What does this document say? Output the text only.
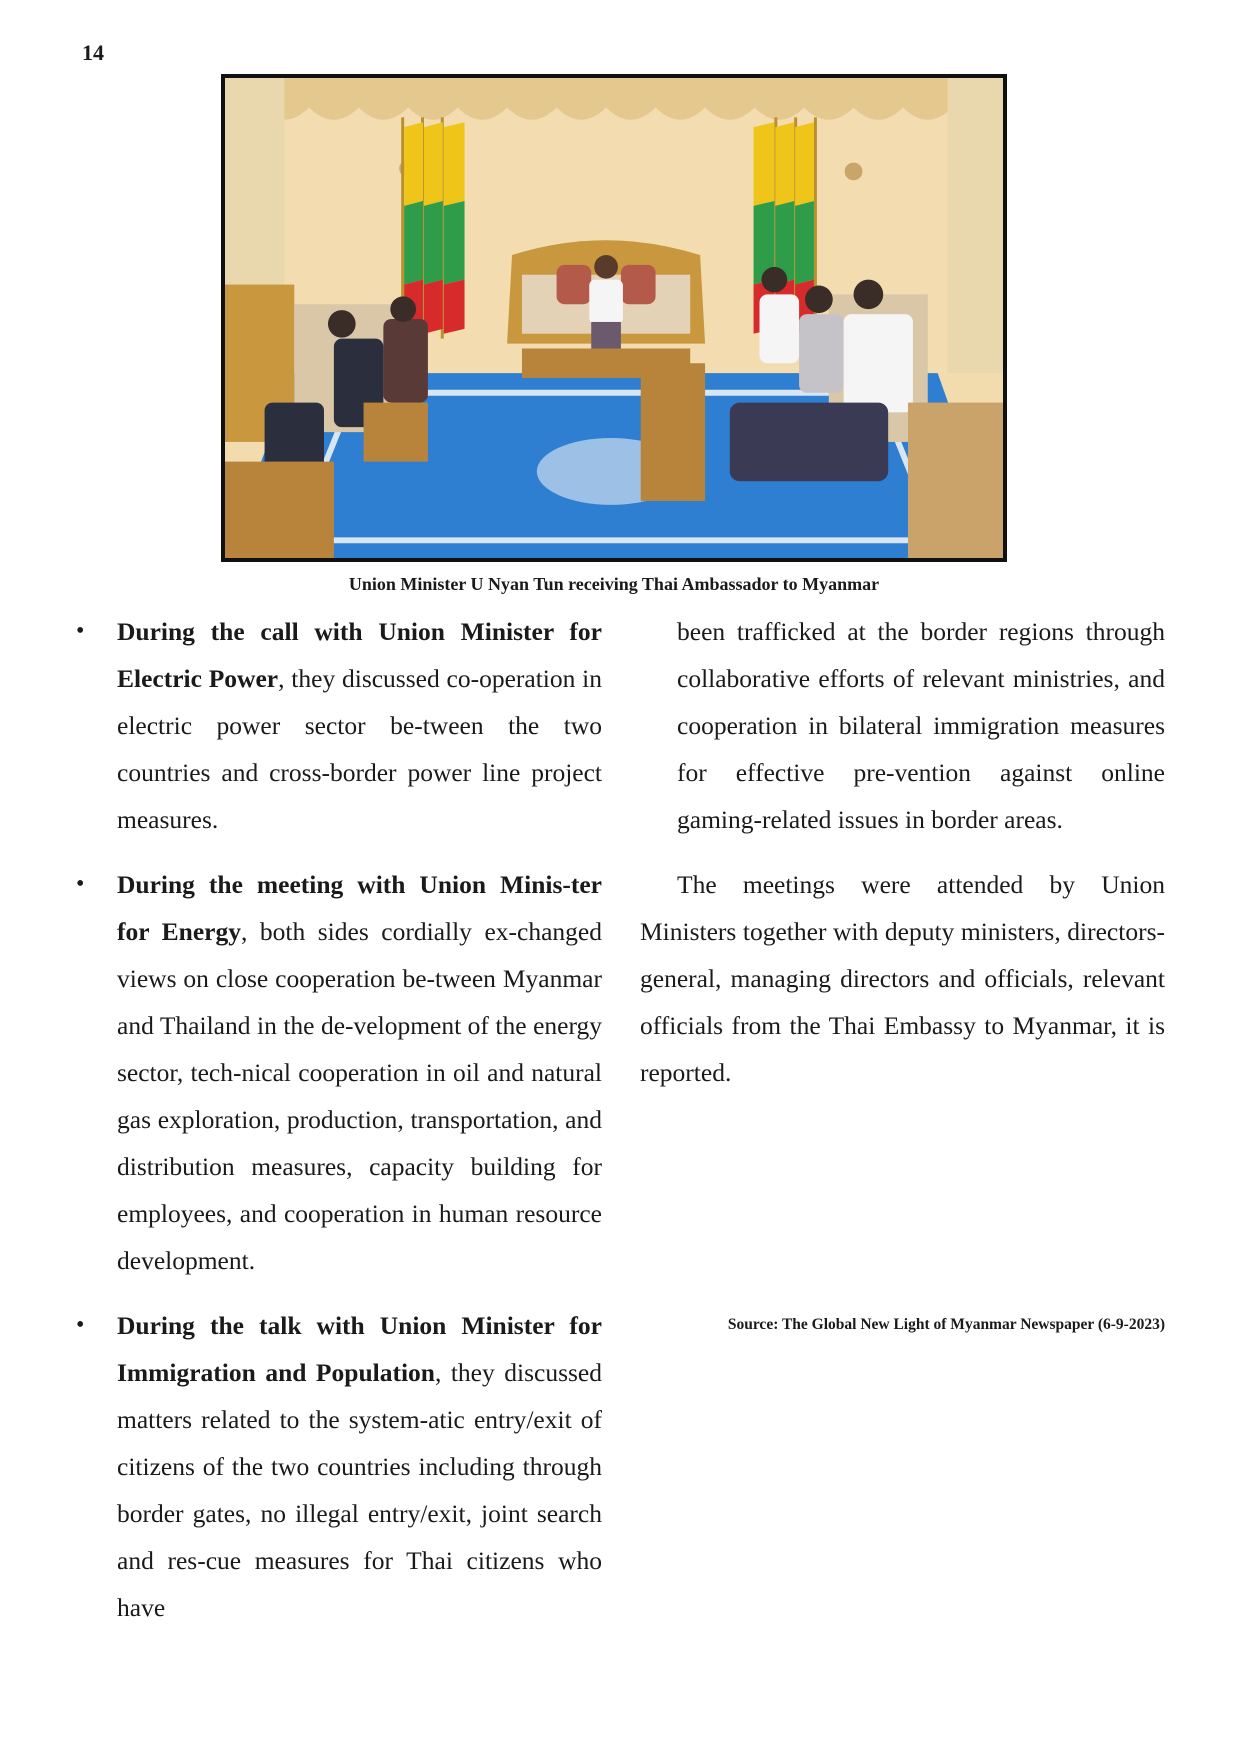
14
Union Minister U Nyan Tun receiving Thai Ambassador to Myanmar
• During the call with Union Minister for Electric Power, they discussed co-operation in electric power sector be-tween the two countries and cross-border power line project measures.
• During the meeting with Union Minis-ter for Energy, both sides cordially ex-changed views on close cooperation be-tween Myanmar and Thailand in the de-velopment of the energy sector, tech-nical cooperation in oil and natural gas exploration, production, transportation, and distribution measures, capacity building for employees, and cooperation in human resource development.
• During the talk with Union Minister for Immigration and Population, they discussed matters related to the system-atic entry/exit of citizens of the two countries including through border gates, no illegal entry/exit, joint search and res-cue measures for Thai citizens who have

been trafficked at the border regions through collaborative efforts of relevant ministries, and cooperation in bilateral immigration measures for effective pre-vention against online gaming-related issues in border areas.

The meetings were attended by Union Ministers together with deputy ministers, directors-general, managing directors and officials, relevant officials from the Thai Embassy to Myanmar, it is reported.

Source: The Global New Light of Myanmar Newspaper (6-9-2023)
